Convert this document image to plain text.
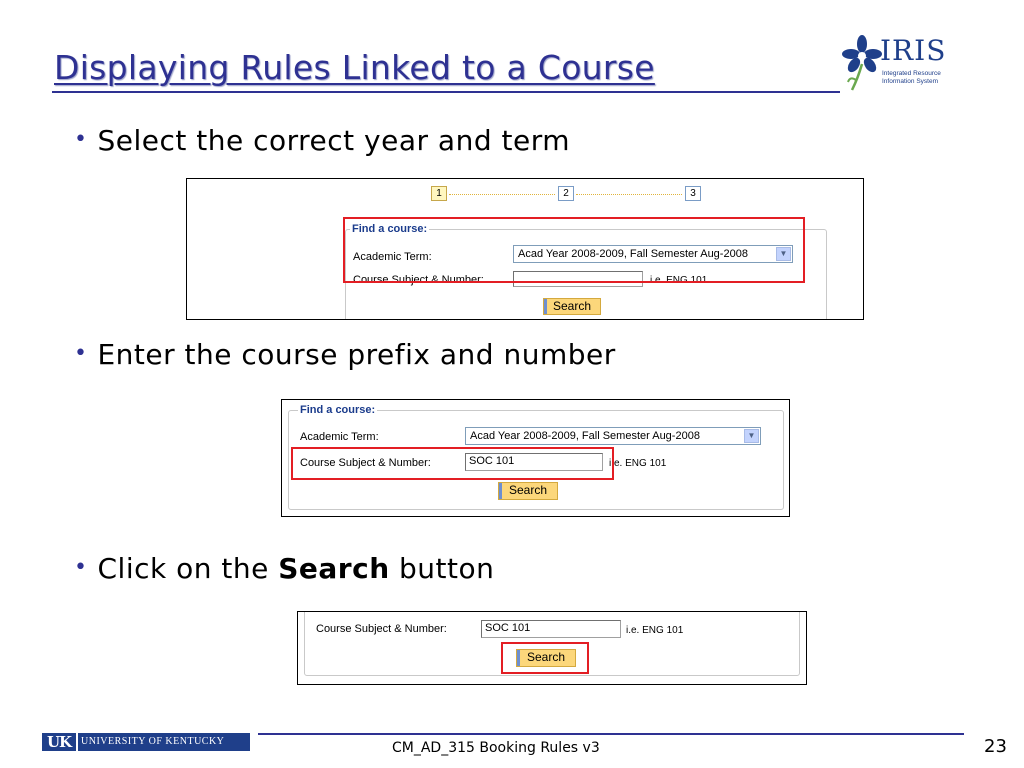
Displaying Rules Linked to a Course	IRIS
Integrated Resource
Information System
• Select the correct year and term
1	2	3
Find a course:
Academic Term:	Acad Year 2008-2009, Fall Semester Aug-2008	▼
Course Subject & Number:	i.e. ENG 101
Search
• Enter the course prefix and number
Find a course:
Academic Term:	Acad Year 2008-2009, Fall Semester Aug-2008	▼
Course Subject & Number:	SOC 101	i.e. ENG 101
Search
• Click on the Search button
Course Subject & Number:	SOC 101	i.e. ENG 101
Search
UK UNIVERSITY OF KENTUCKY	CM_AD_315 Booking Rules v3	23
